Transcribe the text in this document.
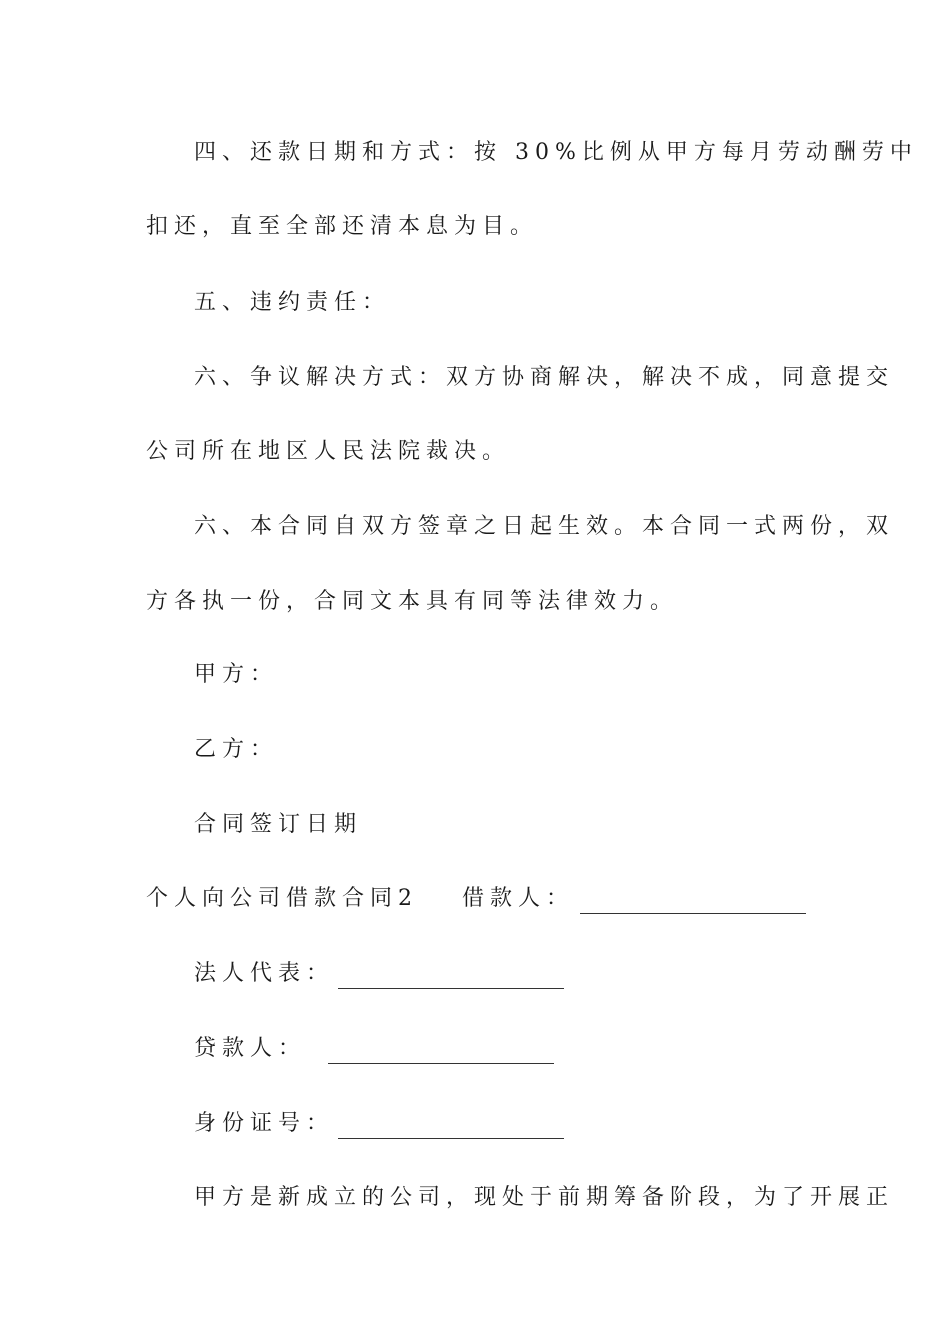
四、还款日期和方式：按 30%比例从甲方每月劳动酬劳中
扣还，直至全部还清本息为目。
五、违约责任：
六、争议解决方式：双方协商解决，解决不成，同意提交
公司所在地区人民法院裁决。
六、本合同自双方签章之日起生效。本合同一式两份，双
方各执一份，合同文本具有同等法律效力。
甲方：
乙方：
合同签订日期
个人向公司借款合同2 借款人：
法人代表：
贷款人：
身份证号：
甲方是新成立的公司，现处于前期筹备阶段，为了开展正
